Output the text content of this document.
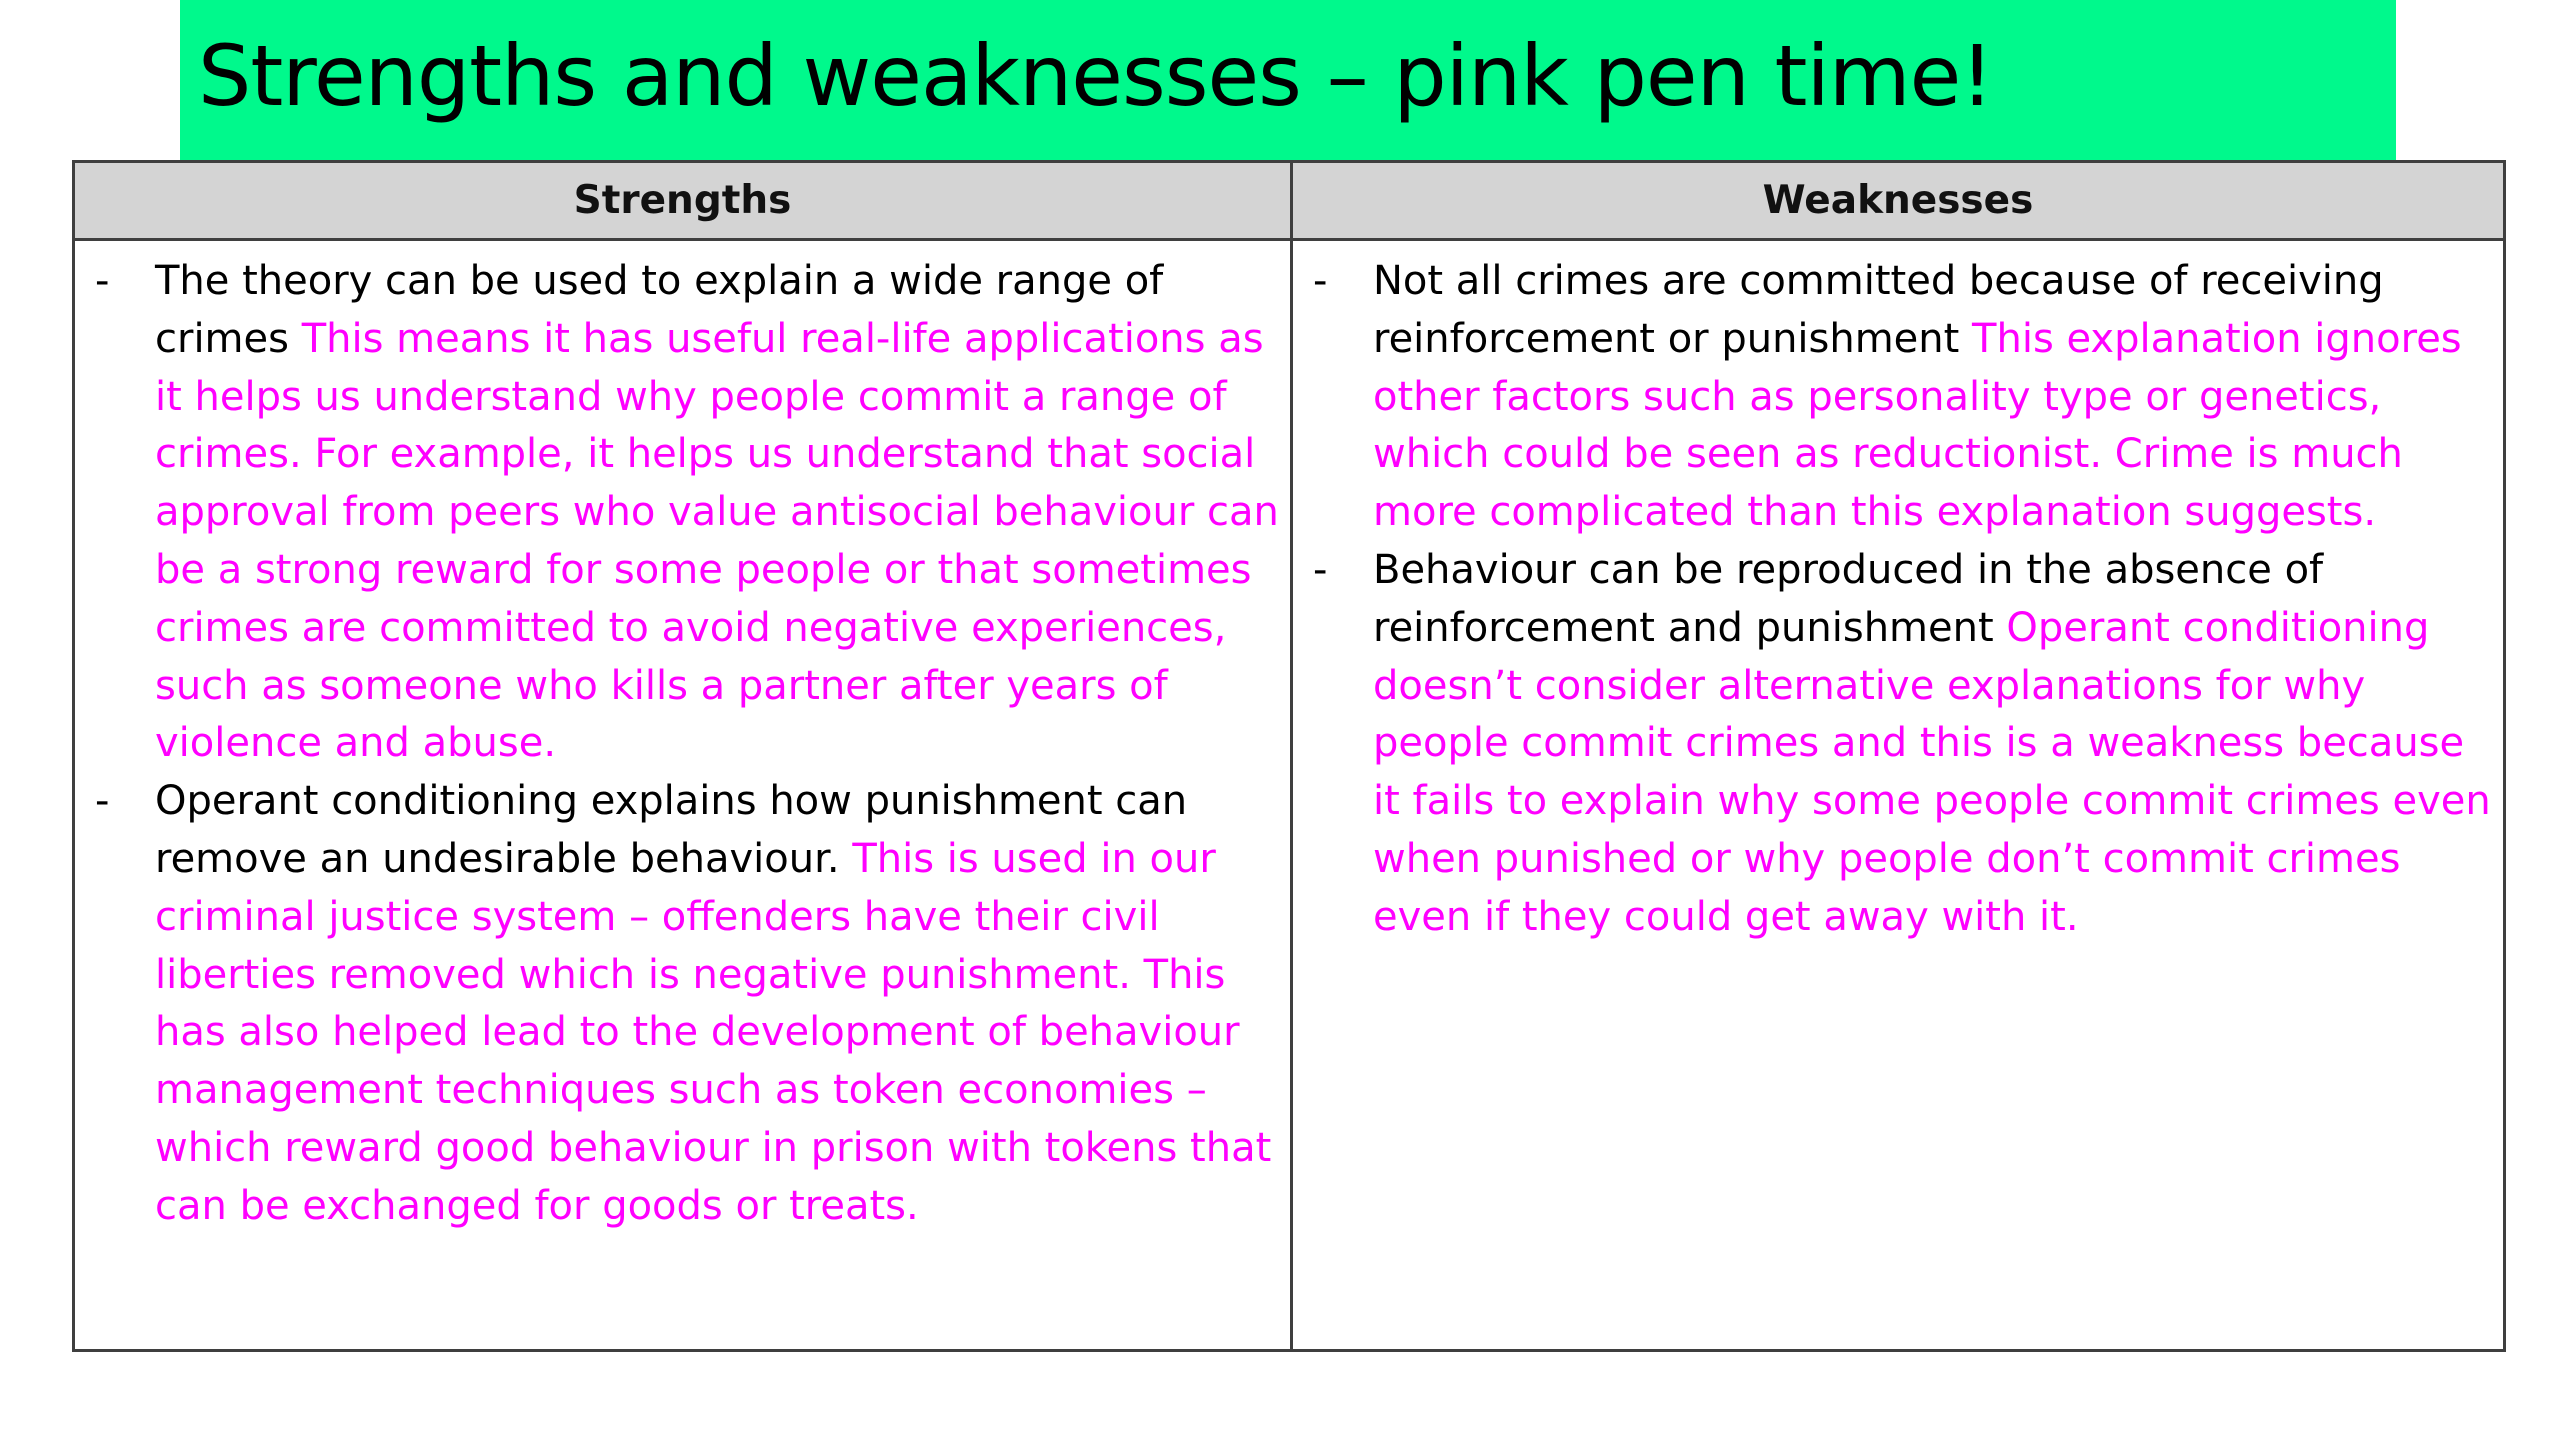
Strengths and weaknesses – pink pen time!
Strengths	Weaknesses

- The theory can be used to explain a wide range of crimes This means it has useful real-life applications as it helps us understand why people commit a range of crimes. For example, it helps us understand that social approval from peers who value antisocial behaviour can be a strong reward for some people or that sometimes crimes are committed to avoid negative experiences, such as someone who kills a partner after years of violence and abuse.

- Operant conditioning explains how punishment can remove an undesirable behaviour. This is used in our criminal justice system – offenders have their civil liberties removed which is negative punishment. This has also helped lead to the development of behaviour management techniques such as token economies – which reward good behaviour in prison with tokens that can be exchanged for goods or treats.

- Not all crimes are committed because of receiving reinforcement or punishment This explanation ignores other factors such as personality type or genetics, which could be seen as reductionist. Crime is much more complicated than this explanation suggests.

- Behaviour can be reproduced in the absence of reinforcement and punishment Operant conditioning doesn’t consider alternative explanations for why people commit crimes and this is a weakness because it fails to explain why some people commit crimes even when punished or why people don’t commit crimes even if they could get away with it.
